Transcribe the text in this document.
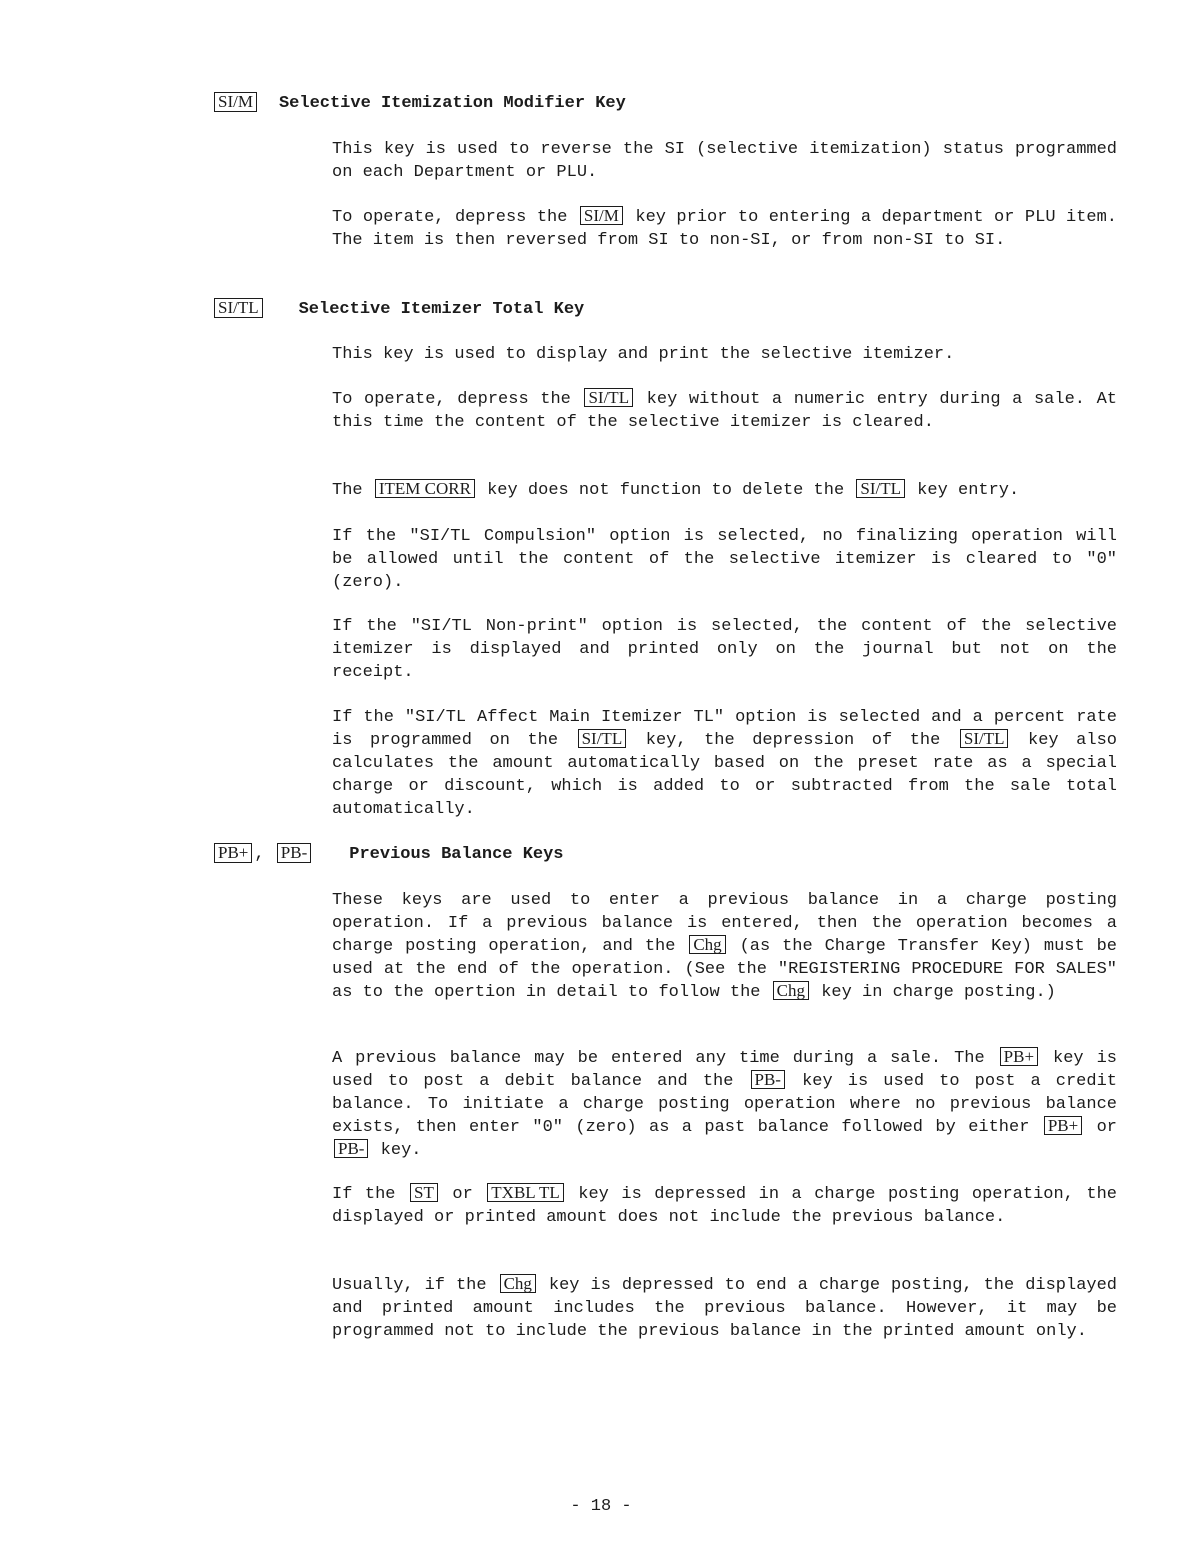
SI/M Selective Itemization Modifier Key
This key is used to reverse the SI (selective itemization) status programmed on each Department or PLU.
To operate, depress the SI/M key prior to entering a department or PLU item. The item is then reversed from SI to non-SI, or from non-SI to SI.
SI/TL Selective Itemizer Total Key
This key is used to display and print the selective itemizer.
To operate, depress the SI/TL key without a numeric entry during a sale. At this time the content of the selective itemizer is cleared.
The ITEM CORR key does not function to delete the SI/TL key entry.
If the "SI/TL Compulsion" option is selected, no finalizing operation will be allowed until the content of the selective itemizer is cleared to "0" (zero).
If the "SI/TL Non-print" option is selected, the content of the selective itemizer is displayed and printed only on the journal but not on the receipt.
If the "SI/TL Affect Main Itemizer TL" option is selected and a percent rate is programmed on the SI/TL key, the depression of the SI/TL key also calculates the amount automatically based on the preset rate as a special charge or discount, which is added to or subtracted from the sale total automatically.
PB+ , PB- Previous Balance Keys
These keys are used to enter a previous balance in a charge posting operation. If a previous balance is entered, then the operation becomes a charge posting operation, and the Chg (as the Charge Transfer Key) must be used at the end of the operation. (See the "REGISTERING PROCEDURE FOR SALES" as to the opertion in detail to follow the Chg key in charge posting.)
A previous balance may be entered any time during a sale. The PB+ key is used to post a debit balance and the PB- key is used to post a credit balance. To initiate a charge posting operation where no previous balance exists, then enter "0" (zero) as a past balance followed by either PB+ or PB- key.
If the ST or TXBL TL key is depressed in a charge posting operation, the displayed or printed amount does not include the previous balance.
Usually, if the Chg key is depressed to end a charge posting, the displayed and printed amount includes the previous balance. However, it may be programmed not to include the previous balance in the printed amount only.
- 18 -
